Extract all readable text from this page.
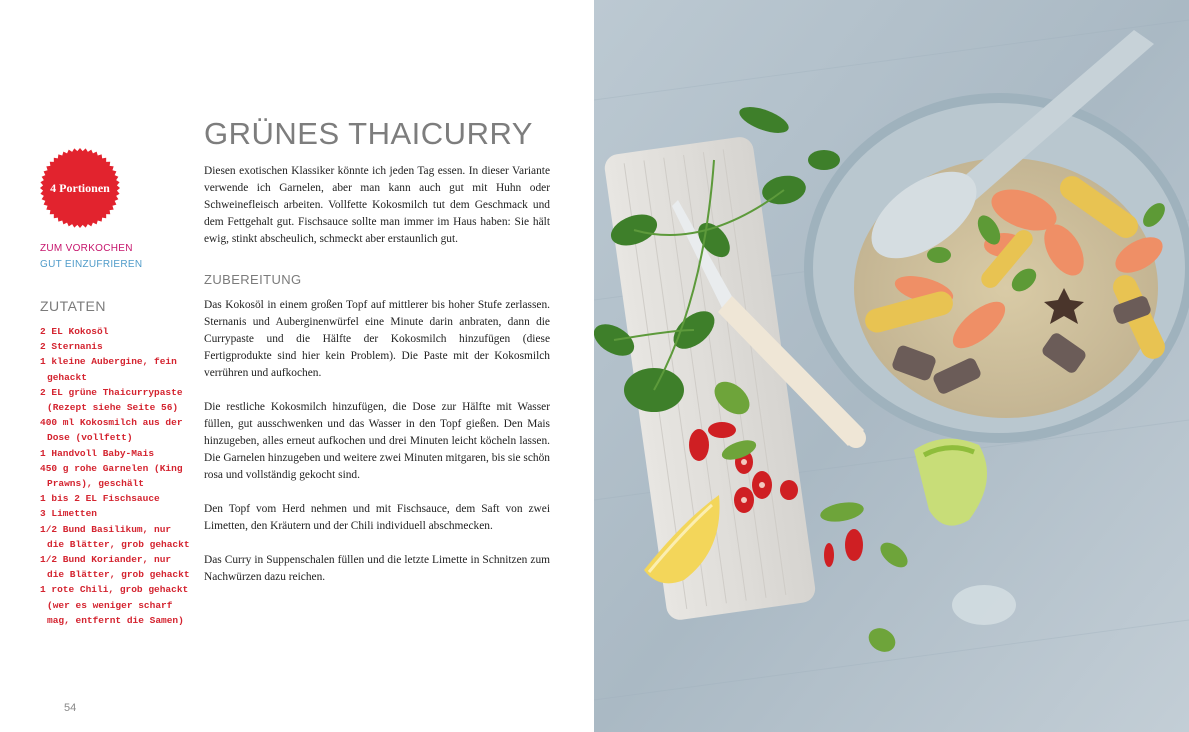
4 Portionen
ZUM VORKOCHEN
GUT EINZUFRIEREN
ZUTATEN
2 EL Kokosöl
2 Sternanis
1 kleine Aubergine, fein gehackt
2 EL grüne Thaicurrypaste (Rezept siehe Seite 56)
400 ml Kokosmilch aus der Dose (vollfett)
1 Handvoll Baby-Mais
450 g rohe Garnelen (King Prawns), geschält
1 bis 2 EL Fischsauce
3 Limetten
1/2 Bund Basilikum, nur die Blätter, grob gehackt
1/2 Bund Koriander, nur die Blätter, grob gehackt
1 rote Chili, grob gehackt (wer es weniger scharf mag, entfernt die Samen)
GRÜNES THAICURRY

Diesen exotischen Klassiker könnte ich jeden Tag essen. In dieser Variante verwende ich Garnelen, aber man kann auch gut mit Huhn oder Schweinefleisch arbeiten. Vollfette Kokosmilch tut dem Geschmack und dem Fettgehalt gut. Fischsauce sollte man immer im Haus haben: Sie hält ewig, stinkt abscheulich, schmeckt aber erstaunlich gut.

ZUBEREITUNG

Das Kokosöl in einem großen Topf auf mittlerer bis hoher Stufe zerlassen. Sternanis und Auberginenwürfel eine Minute darin anbraten, dann die Currypaste und die Hälfte der Kokosmilch hinzufügen (diese Fertigprodukte sind hier kein Problem). Die Paste mit der Kokosmilch verrühren und aufkochen.

Die restliche Kokosmilch hinzufügen, die Dose zur Hälfte mit Wasser füllen, gut ausschwenken und das Wasser in den Topf gießen. Den Mais hinzugeben, alles erneut aufkochen und drei Minuten leicht köcheln lassen. Die Garnelen hinzugeben und weitere zwei Minuten mitgaren, bis sie schön rosa und vollständig gekocht sind.

Den Topf vom Herd nehmen und mit Fischsauce, dem Saft von zwei Limetten, den Kräutern und der Chili individuell abschmecken.

Das Curry in Suppenschalen füllen und die letzte Limette in Schnitzen zum Nachwürzen dazu reichen.

54
